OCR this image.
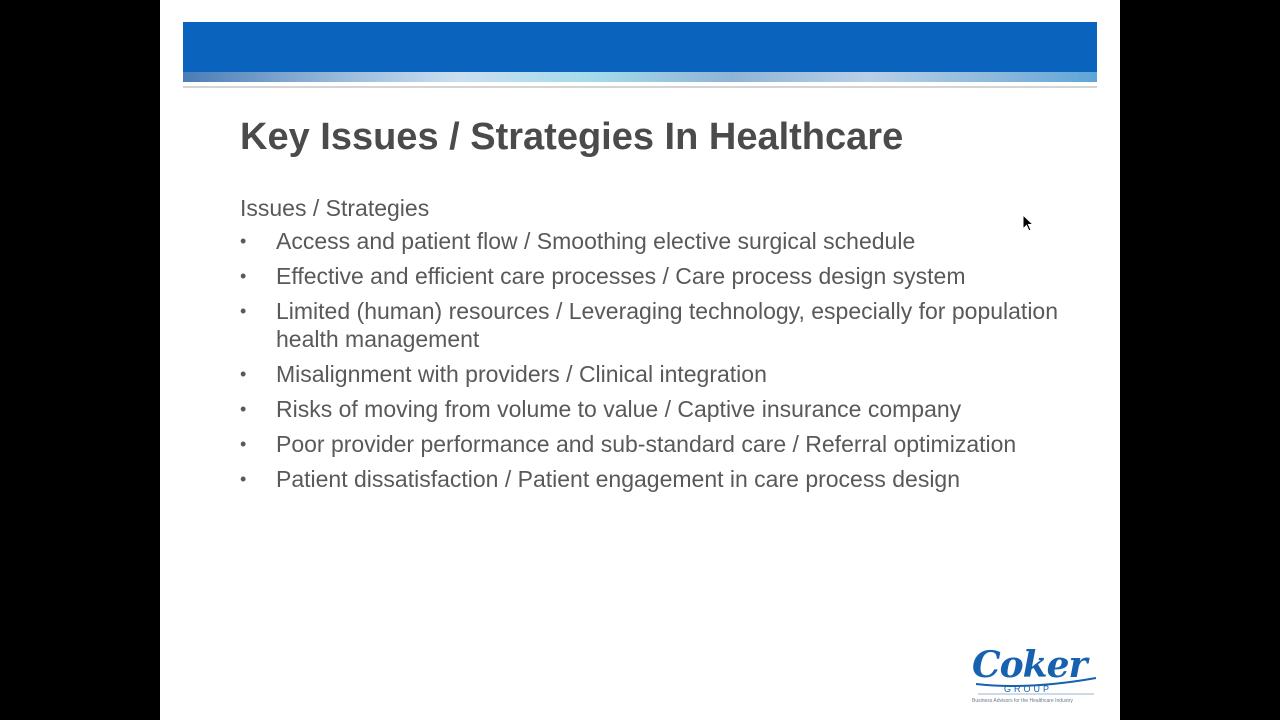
Key Issues / Strategies In Healthcare
Issues / Strategies
•	Access and patient flow / Smoothing elective surgical schedule
•	Effective and efficient care processes / Care process design system
•	Limited (human) resources / Leveraging technology, especially for population health management
•	Misalignment with providers / Clinical integration
•	Risks of moving from volume to value / Captive insurance company
•	Poor provider performance and sub-standard care / Referral optimization
•	Patient dissatisfaction / Patient engagement in care process design
Coker
GROUP
Business Advisors for the Healthcare Industry
